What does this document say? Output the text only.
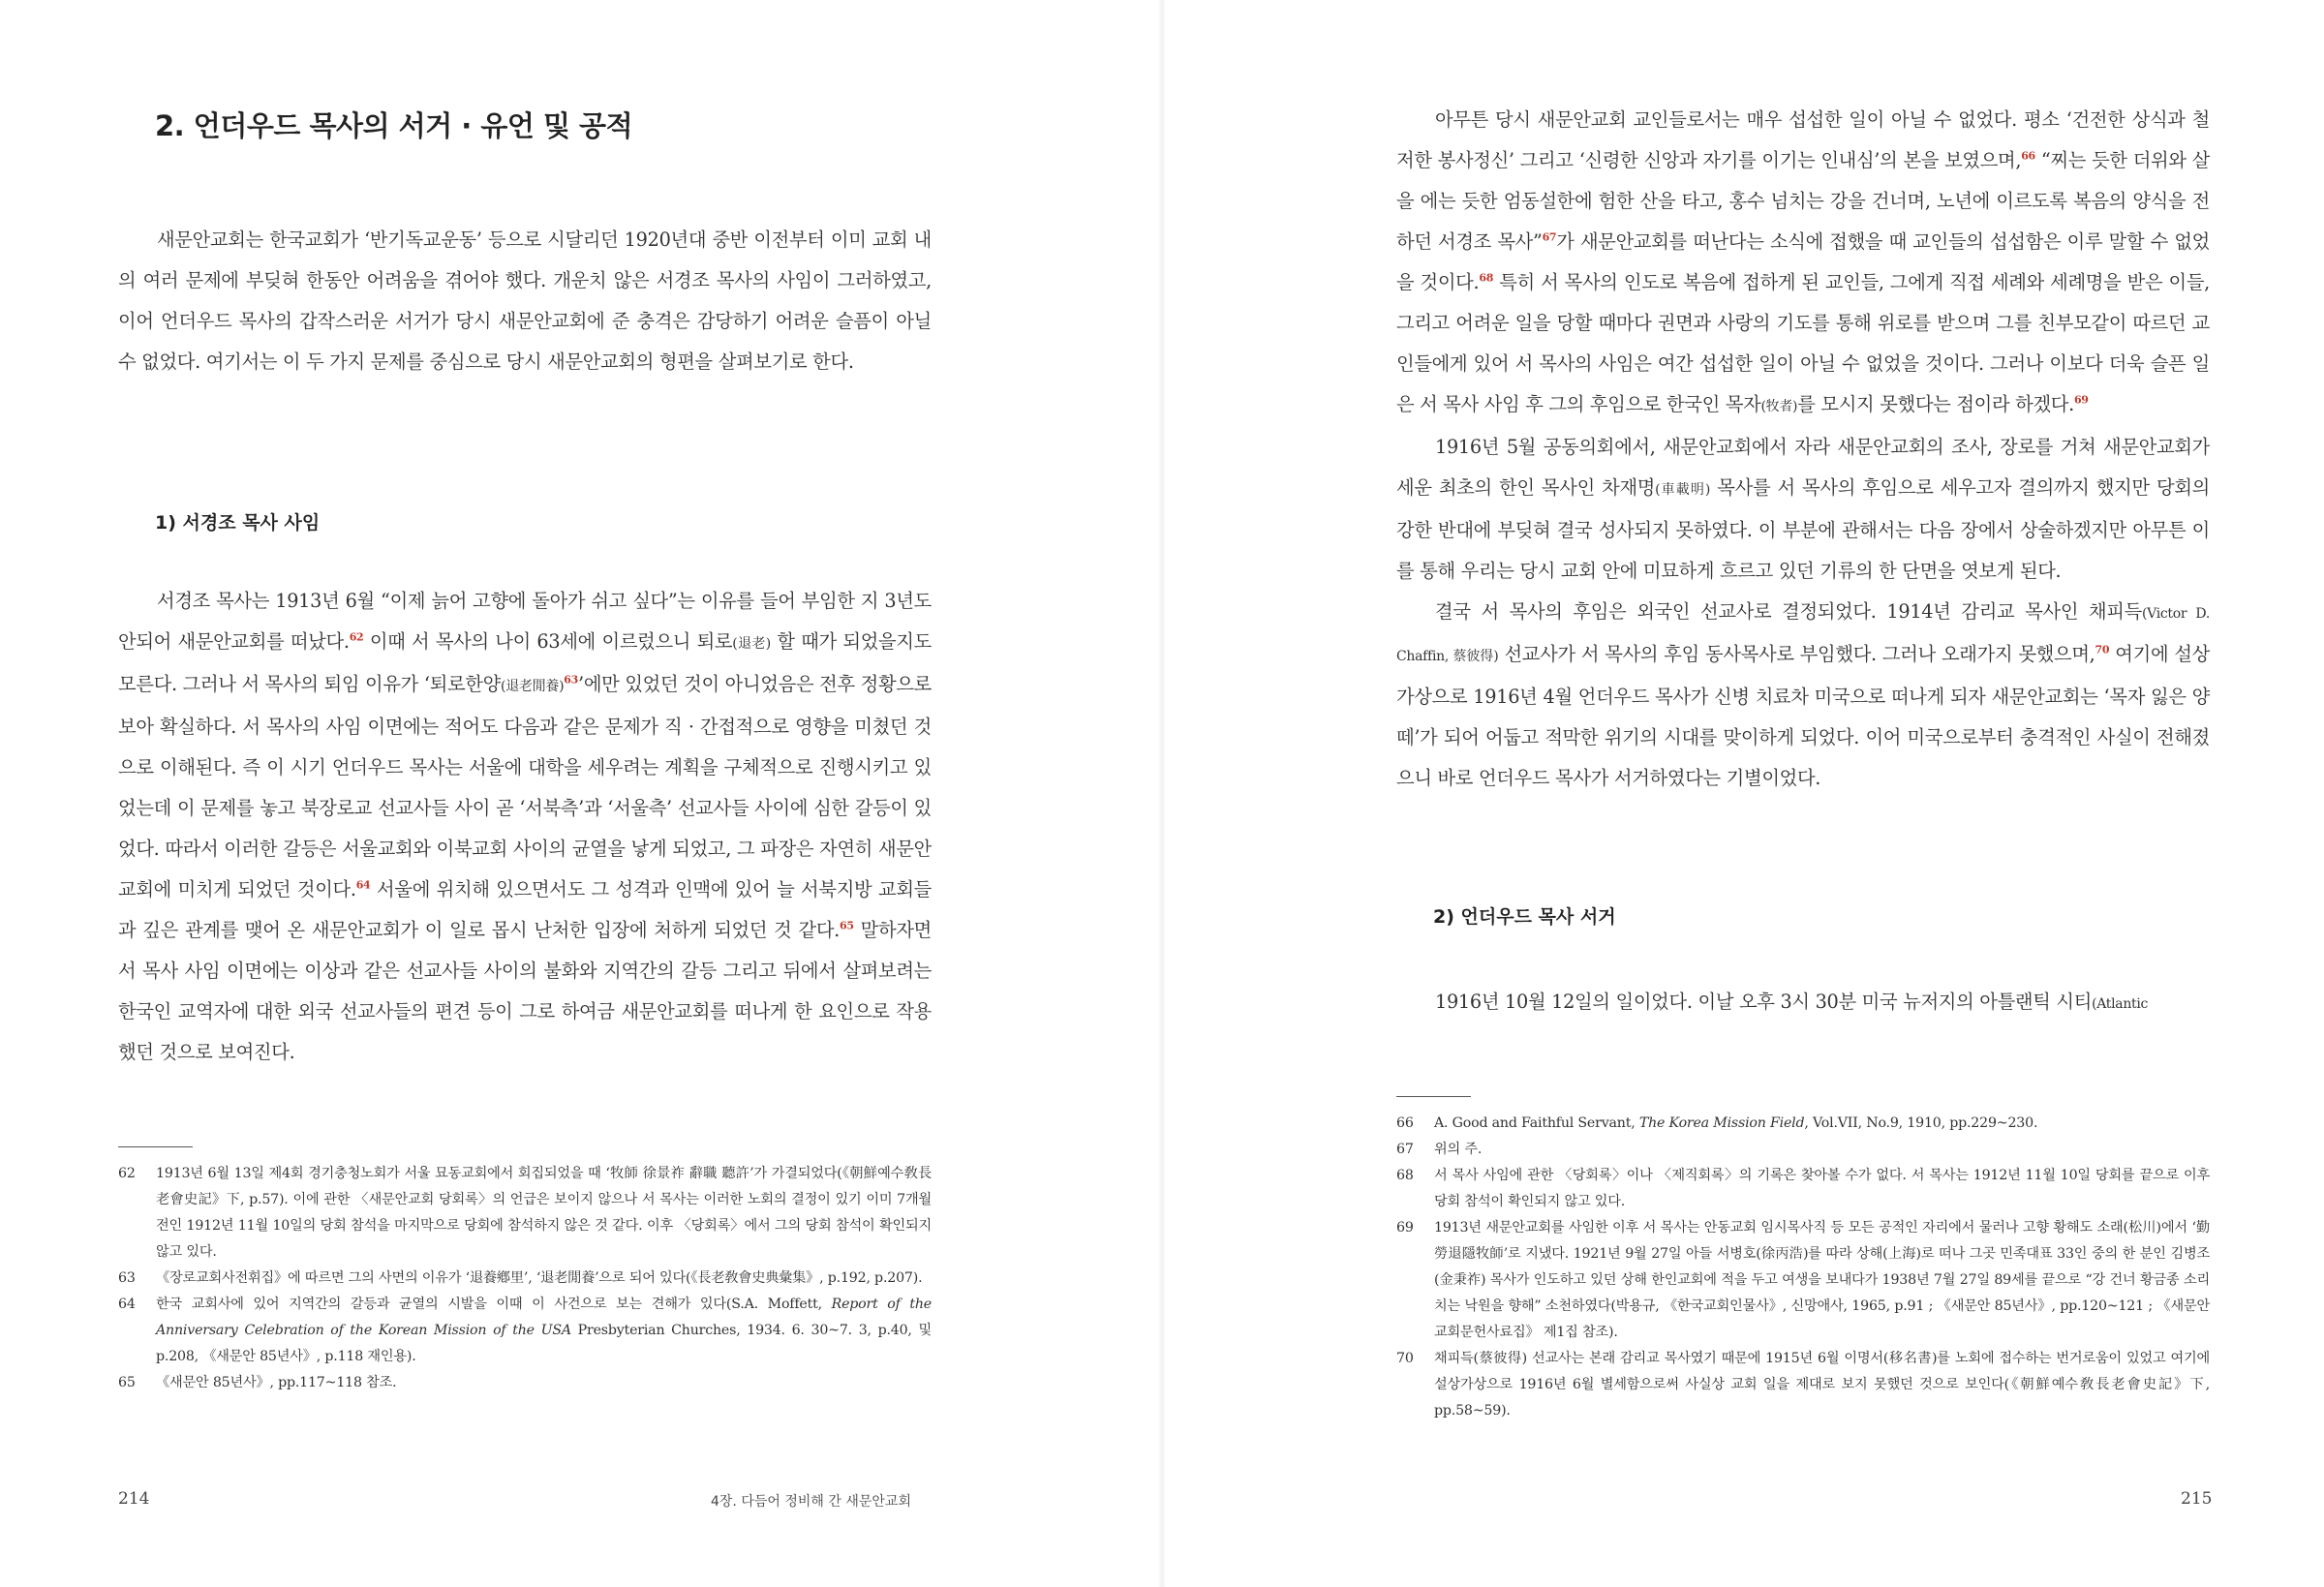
2. 언더우드 목사의 서거 · 유언 및 공적

새문안교회는 한국교회가 ‘반기독교운동’ 등으로 시달리던 1920년대 중반 이전부터 이미 교회 내의 여러 문제에 부딪혀 한동안 어려움을 겪어야 했다. 개운치 않은 서경조 목사의 사임이 그러하였고, 이어 언더우드 목사의 갑작스러운 서거가 당시 새문안교회에 준 충격은 감당하기 어려운 슬픔이 아닐 수 없었다. 여기서는 이 두 가지 문제를 중심으로 당시 새문안교회의 형편을 살펴보기로 한다.

1) 서경조 목사 사임

서경조 목사는 1913년 6월 “이제 늙어 고향에 돌아가 쉬고 싶다”는 이유를 들어 부임한 지 3년도 안되어 새문안교회를 떠났다.$^{62}$ 이때 서 목사의 나이 63세에 이르렀으니 퇴로(退老) 할 때가 되었을지도 모른다. 그러나 서 목사의 퇴임 이유가 ‘퇴로한양(退老閒養)$^{63}$’에만 있었던 것이 아니었음은 전후 정황으로 보아 확실하다. 서 목사의 사임 이면에는 적어도 다음과 같은 문제가 직 · 간접적으로 영향을 미쳤던 것으로 이해된다. 즉 이 시기 언더우드 목사는 서울에 대학을 세우려는 계획을 구체적으로 진행시키고 있었는데 이 문제를 놓고 북장로교 선교사들 사이 곧 ‘서북측’과 ‘서울측’ 선교사들 사이에 심한 갈등이 있었다. 따라서 이러한 갈등은 서울교회와 이북교회 사이의 균열을 낳게 되었고, 그 파장은 자연히 새문안교회에 미치게 되었던 것이다.$^{64}$ 서울에 위치해 있으면서도 그 성격과 인맥에 있어 늘 서북지방 교회들과 깊은 관계를 맺어 온 새문안교회가 이 일로 몹시 난처한 입장에 처하게 되었던 것 같다.$^{65}$ 말하자면 서 목사 사임 이면에는 이상과 같은 선교사들 사이의 불화와 지역간의 갈등 그리고 뒤에서 살펴보려는 한국인 교역자에 대한 외국 선교사들의 편견 등이 그로 하여금 새문안교회를 떠나게 한 요인으로 작용했던 것으로 보여진다.

62 1913년 6월 13일 제4회 경기충청노회가 서울 묘동교회에서 회집되었을 때 ‘牧師 徐景祚 辭職 聽許’가 가결되었다(《朝鮮예수敎長老會史記》下, p.57). 이에 관한 〈새문안교회 당회록〉의 언급은 보이지 않으나 서 목사는 이러한 노회의 결정이 있기 이미 7개월 전인 1912년 11월 10일의 당회 참석을 마지막으로 당회에 참석하지 않은 것 같다. 이후 〈당회록〉에서 그의 당회 참석이 확인되지 않고 있다.
63 《장로교회사전휘집》에 따르면 그의 사면의 이유가 ‘退養鄕里’, ‘退老閒養’으로 되어 있다(《長老敎會史典彙集》, p.192, p.207).
64 한국 교회사에 있어 지역간의 갈등과 균열의 시발을 이때 이 사건으로 보는 견해가 있다(S.A. Moffett, Report of the Anniversary Celebration of the Korean Mission of the USA Presbyterian Churches, 1934. 6. 30~7. 3, p.40, 및 p.208, 《새문안 85년사》, p.118 재인용).
65 《새문안 85년사》, pp.117~118 참조.
214	4장. 다듬어 정비해 간 새문안교회

아무튼 당시 새문안교회 교인들로서는 매우 섭섭한 일이 아닐 수 없었다. 평소 ‘건전한 상식과 철저한 봉사정신’ 그리고 ‘신령한 신앙과 자기를 이기는 인내심’의 본을 보였으며,$^{66}$ “찌는 듯한 더위와 살을 에는 듯한 엄동설한에 험한 산을 타고, 홍수 넘치는 강을 건너며, 노년에 이르도록 복음의 양식을 전하던 서경조 목사”$^{67}$가 새문안교회를 떠난다는 소식에 접했을 때 교인들의 섭섭함은 이루 말할 수 없었을 것이다.$^{68}$ 특히 서 목사의 인도로 복음에 접하게 된 교인들, 그에게 직접 세례와 세례명을 받은 이들, 그리고 어려운 일을 당할 때마다 권면과 사랑의 기도를 통해 위로를 받으며 그를 친부모같이 따르던 교인들에게 있어 서 목사의 사임은 여간 섭섭한 일이 아닐 수 없었을 것이다. 그러나 이보다 더욱 슬픈 일은 서 목사 사임 후 그의 후임으로 한국인 목자(牧者)를 모시지 못했다는 점이라 하겠다.$^{69}$

1916년 5월 공동의회에서, 새문안교회에서 자라 새문안교회의 조사, 장로를 거쳐 새문안교회가 세운 최초의 한인 목사인 차재명(車載明) 목사를 서 목사의 후임으로 세우고자 결의까지 했지만 당회의 강한 반대에 부딪혀 결국 성사되지 못하였다. 이 부분에 관해서는 다음 장에서 상술하겠지만 아무튼 이를 통해 우리는 당시 교회 안에 미묘하게 흐르고 있던 기류의 한 단면을 엿보게 된다.

결국 서 목사의 후임은 외국인 선교사로 결정되었다. 1914년 감리교 목사인 채피득(Victor D. Chaffin, 蔡彼得) 선교사가 서 목사의 후임 동사목사로 부임했다. 그러나 오래가지 못했으며,$^{70}$ 여기에 설상가상으로 1916년 4월 언더우드 목사가 신병 치료차 미국으로 떠나게 되자 새문안교회는 ‘목자 잃은 양떼’가 되어 어둡고 적막한 위기의 시대를 맞이하게 되었다. 이어 미국으로부터 충격적인 사실이 전해졌으니 바로 언더우드 목사가 서거하였다는 기별이었다.

2) 언더우드 목사 서거

1916년 10월 12일의 일이었다. 이날 오후 3시 30분 미국 뉴저지의 아틀랜틱 시티(Atlantic

66 A. Good and Faithful Servant, The Korea Mission Field, Vol.VII, No.9, 1910, pp.229~230.
67 위의 주.
68 서 목사 사임에 관한 〈당회록〉이나 〈제직회록〉의 기록은 찾아볼 수가 없다. 서 목사는 1912년 11월 10일 당회를 끝으로 이후 당회 참석이 확인되지 않고 있다.
69 1913년 새문안교회를 사임한 이후 서 목사는 안동교회 임시목사직 등 모든 공적인 자리에서 물러나 고향 황해도 소래(松川)에서 ‘勤勞退隱牧師’로 지냈다. 1921년 9월 27일 아들 서병호(徐丙浩)를 따라 상해(上海)로 떠나 그곳 민족대표 33인 중의 한 분인 김병조(金秉祚) 목사가 인도하고 있던 상해 한인교회에 적을 두고 여생을 보내다가 1938년 7월 27일 89세를 끝으로 “강 건너 황금종 소리치는 낙원을 향해” 소천하였다(박용규, 《한국교회인물사》, 신망애사, 1965, p.91 ; 《새문안 85년사》, pp.120~121 ; 《새문안교회문헌사료집》 제1집 참조).
70 채피득(蔡彼得) 선교사는 본래 감리교 목사였기 때문에 1915년 6월 이명서(移名書)를 노회에 접수하는 번거로움이 있었고 여기에 설상가상으로 1916년 6월 별세함으로써 사실상 교회 일을 제대로 보지 못했던 것으로 보인다(《朝鮮예수敎長老會史記》下, pp.58~59).
215
